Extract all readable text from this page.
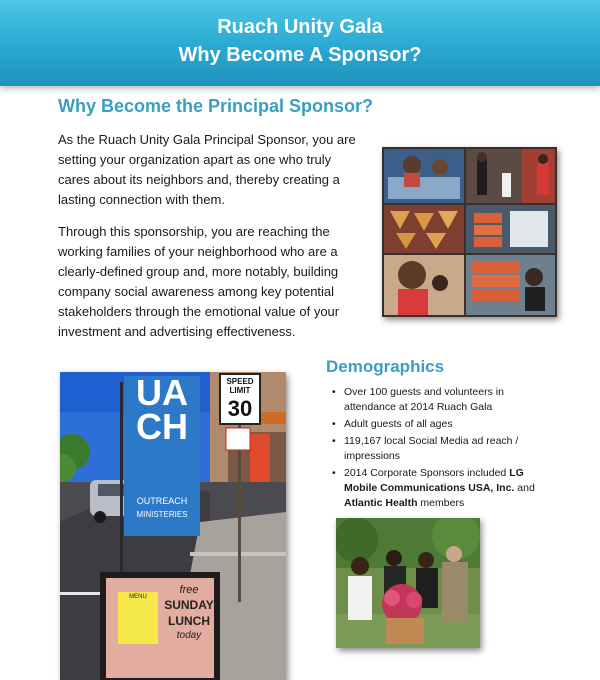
Ruach Unity Gala
Why Become A Sponsor?
Why Become the Principal Sponsor?

As the Ruach Unity Gala Principal Sponsor, you are setting your organization apart as one who truly cares about its neighbors and, thereby creating a lasting connection with them.

Through this sponsorship, you are reaching the working families of your neighborhood who are a clearly-defined group and, more notably, building company social awareness among key potential stakeholders through the emotional value of your investment and advertising effectiveness.

UACH
OUTREACH
MINISTERIES
SPEED
LIMIT
30
MENU
free
SUNDAY
LUNCH
today
Demographics
• Over 100 guests and volunteers in attendance at 2014 Ruach Gala
• Adult guests of all ages
• 119,167 local Social Media ad reach / impressions
• 2014 Corporate Sponsors included LG Mobile Communications USA, Inc. and Atlantic Health members
